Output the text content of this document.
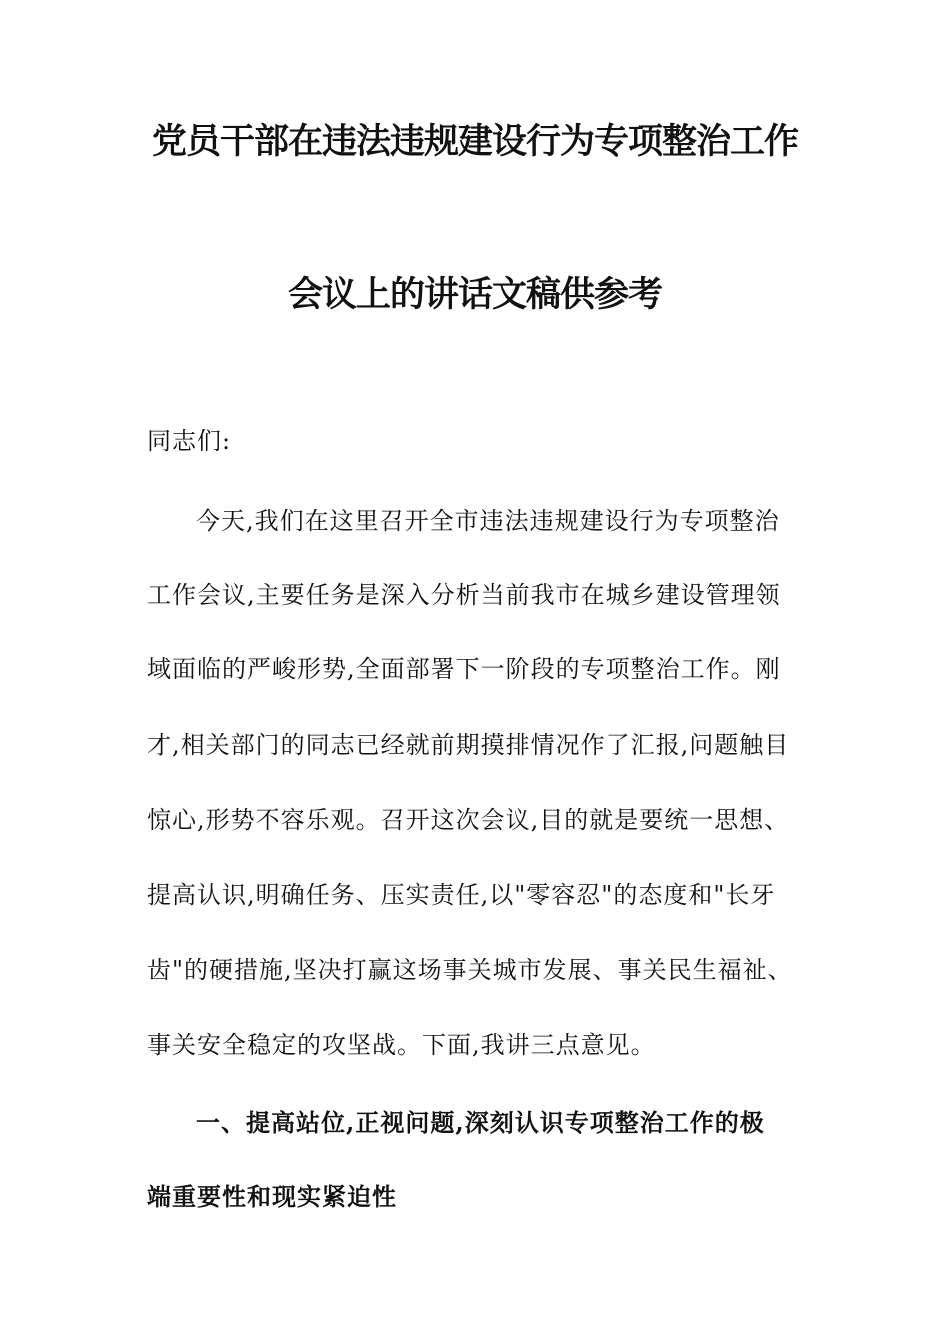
党员干部在违法违规建设行为专项整治工作
会议上的讲话文稿供参考
同志们:
今天,我们在这里召开全市违法违规建设行为专项整治
工作会议,主要任务是深入分析当前我市在城乡建设管理领
域面临的严峻形势,全面部署下一阶段的专项整治工作。刚
才,相关部门的同志已经就前期摸排情况作了汇报,问题触目
惊心,形势不容乐观。召开这次会议,目的就是要统一思想、
提高认识,明确任务、压实责任,以"零容忍"的态度和"长牙
齿"的硬措施,坚决打赢这场事关城市发展、事关民生福祉、
事关安全稳定的攻坚战。下面,我讲三点意见。
一、提高站位,正视问题,深刻认识专项整治工作的极
端重要性和现实紧迫性
